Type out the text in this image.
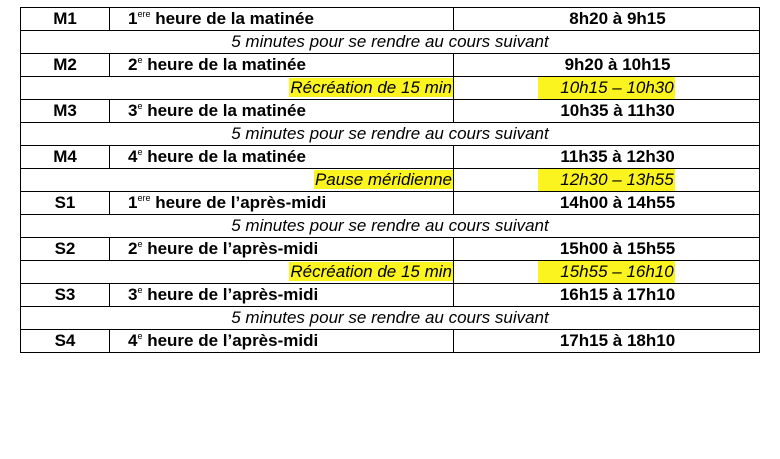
M1	1ere heure de la matinée	8h20 à 9h15
5 minutes pour se rendre au cours suivant		
M2	2e heure de la matinée	9h20 à 10h15
Récréation de 15 min		10h15 – 10h30
M3	3e heure de la matinée	10h35 à 11h30
5 minutes pour se rendre au cours suivant		
M4	4e heure de la matinée	11h35 à 12h30
Pause méridienne		12h30 – 13h55
S1	1ere heure de l’après-midi	14h00 à 14h55
5 minutes pour se rendre au cours suivant		
S2	2e heure de l’après-midi	15h00 à 15h55
Récréation de 15 min		15h55 – 16h10
S3	3e heure de l’après-midi	16h15 à 17h10
5 minutes pour se rendre au cours suivant		
S4	4e heure de l’après-midi	17h15 à 18h10
